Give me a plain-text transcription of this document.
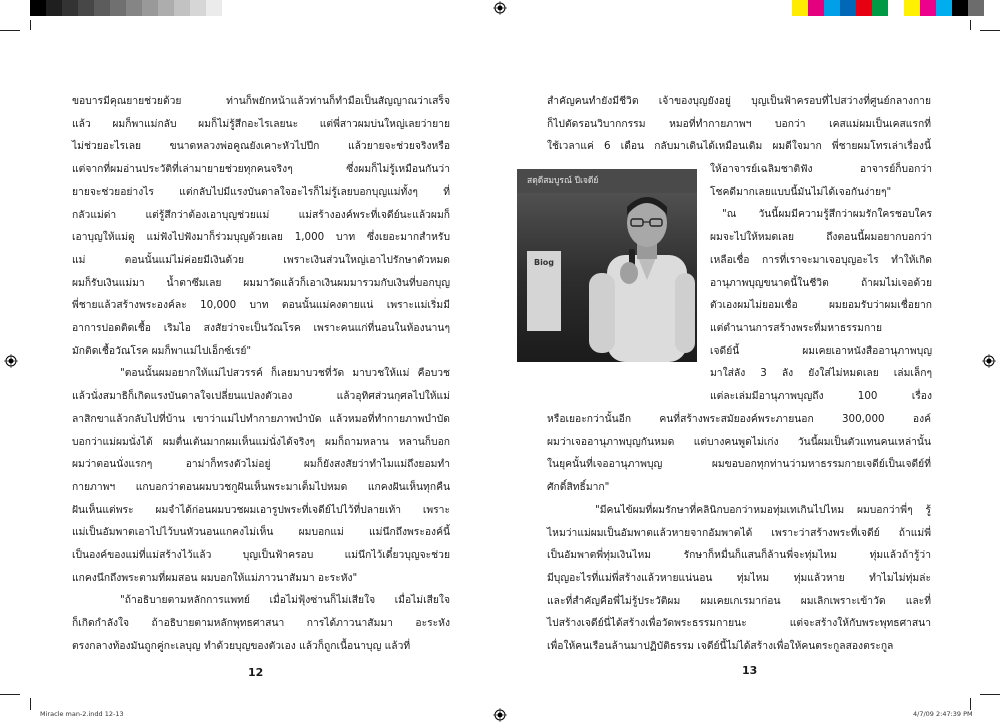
ขอบารมีคุณยายช่วยด้วย ท่านก็พยักหน้าแล้วท่านก็ทำมือเป็นสัญญาณว่าเสร็จ

แล้ว ผมก็พาแม่กลับ ผมก็ไม่รู้สึกอะไรเลยนะ แต่พี่สาวผมบ่นใหญ่เลยว่ายาย

ไม่ช่วยอะไรเลย ขนาดหลวงพ่อคูณยังเคาะหัวไปปึก แล้วยายจะช่วยจริงหรือ

แต่จากที่ผมอ่านประวัติที่เล่ามายายช่วยทุกคนจริงๆ ซึ่งผมก็ไม่รู้เหมือนกันว่า

ยายจะช่วยอย่างไร แต่กลับไปมีแรงบันดาลใจอะไรก็ไม่รู้เลยบอกบุญแม่ทั้งๆ ที่

กลัวแม่ด่า แต่รู้สึกว่าต้องเอาบุญช่วยแม่ แม่สร้างองค์พระที่เจดีย์นะแล้วผมก็

เอาบุญให้แม่ดู แม่ฟังไปฟังมาก็ร่วมบุญด้วยเลย 1,000 บาท ซึ่งเยอะมากสำหรับ

แม่ ตอนนั้นแม่ไม่ค่อยมีเงินด้วย เพราะเงินส่วนใหญ่เอาไปรักษาตัวหมด

ผมก็รับเงินแม่มา น้ำตาซึมเลย ผมมาวัดแล้วก็เอาเงินผมมารวมกับเงินที่บอกบุญ

พี่ชายแล้วสร้างพระองค์ละ 10,000 บาท ตอนนั้นแม่คงตายแน่ เพราะแม่เริ่มมี

อาการปอดติดเชื้อ เริมไอ สงสัยว่าจะเป็นวัณโรค เพราะคนแก่ที่นอนในห้องนานๆ

มักติดเชื้อวัณโรค ผมก็พาแม่ไปเอ็กซ์เรย์"

"ตอนนั้นผมอยากให้แม่ไปสวรรค์ ก็เลยมาบวชที่วัด มาบวชให้แม่ คือบวช

แล้วนั่งสมาธิก็เกิดแรงบันดาลใจเปลี่ยนแปลงตัวเอง แล้วอุทิศส่วนกุศลไปให้แม่

ลาสิกขาแล้วกลับไปที่บ้าน เขาว่าแม่ไปทำกายภาพบำบัด แล้วหมอที่ทำกายภาพบำบัด

บอกว่าแม่ผมนั่งได้ ผมตื่นเต้นมากผมเห็นแม่นั่งได้จริงๆ ผมก็ถามหลาน หลานก็บอก

ผมว่าตอนนั่งแรกๆ อาม่าก็ทรงตัวไม่อยู่ ผมก็ยังสงสัยว่าทำไมแม่ถึงยอมทำ

กายภาพฯ แกบอกว่าตอนผมบวชกูฝันเห็นพระมาเต็มไปหมด แกคงฝันเห็นทุกคืน

ฝันเห็นแต่พระ ผมจำได้ก่อนผมบวชผมเอารูปพระที่เจดีย์ไปไว้ที่ปลายเท้า เพราะ

แม่เป็นอัมพาตเอาไปไว้บนหัวนอนแกคงไม่เห็น ผมบอกแม่ แม่นึกถึงพระองค์นี้

เป็นองค์ของแม่ที่แม่สร้างไว้แล้ว บุญเป็นฟ้าครอบ แม่นึกไว้เดี๋ยวบุญจะช่วย

แกคงนึกถึงพระตามที่ผมสอน ผมบอกให้แม่ภาวนาสัมมา อะระหัง"

"ถ้าอธิบายตามหลักการแพทย์ เมื่อไม่ฟุ้งซ่านก็ไม่เสียใจ เมื่อไม่เสียใจ

ก็เกิดกำลังใจ ถ้าอธิบายตามหลักพุทธศาสนา การได้ภาวนาสัมมา อะระหัง

ตรงกลางท้องมันถูกคู่กะเลบุญ ทำด้วยบุญของตัวเอง แล้วก็ถูกเนื้อนาบุญ แล้วที่

สำคัญคนทำยังมีชีวิต เจ้าของบุญยังอยู่ บุญเป็นฟ้าครอบที่ไปสว่างที่ศูนย์กลางกาย

ก็ไปตัดรอนวิบากกรรม หมอที่ทำกายภาพฯ บอกว่า เคสแม่ผมเป็นเคสแรกที่

ใช้เวลาแค่ 6 เดือน กลับมาเดินได้เหมือนเดิม ผมดีใจมาก พี่ชายผมโทรเล่าเรื่องนี้

สดุดีสมบูรณ์ ปีเจดีย์
Biog

ให้อาจารย์เฉลิมชาติฟัง อาจารย์ก็บอกว่า

โชคดีมากเลยแบบนี้มันไม่ได้เจอกันง่ายๆ"

"ณ วันนี้ผมมีความรู้สึกว่าผมรักใครชอบใคร

ผมจะไปให้หมดเลย ถึงตอนนี้ผมอยากบอกว่า

เหลือเชื่อ การที่เราจะมาเจอบุญอะไร ทำให้เกิด

อานุภาพบุญขนาดนี้ในชีวิต ถ้าผมไม่เจอด้วย

ตัวเองผมไม่ยอมเชื่อ ผมยอมรับว่าผมเชื่อยาก

แต่ตำนานการสร้างพระที่มหาธรรมกาย

เจดีย์นี้ ผมเคยเอาหนังสืออานุภาพบุญ

มาใส่ลัง 3 ลัง ยังใส่ไม่หมดเลย เล่มเล็กๆ

แต่ละเล่มมีอานุภาพบุญถึง 100 เรื่อง

หรือเยอะกว่านั้นอีก คนที่สร้างพระสมัยองค์พระภายนอก 300,000 องค์

ผมว่าเจออานุภาพบุญกันหมด แต่บางคนพูดไม่เก่ง วันนี้ผมเป็นตัวแทนคนเหล่านั้น

ในยุคนั้นที่เจออานุภาพบุญ ผมขอบอกทุกท่านว่ามหาธรรมกายเจดีย์เป็นเจดีย์ที่

ศักดิ์สิทธิ์มาก"

"มีคนไข้ผมที่ผมรักษาที่คลินิกบอกว่าหมอทุ่มเทเกินไปไหม ผมบอกว่าพี่ๆ รู้

ไหมว่าแม่ผมเป็นอัมพาตแล้วหายจากอัมพาตได้ เพราะว่าสร้างพระที่เจดีย์ ถ้าแม่พี่

เป็นอัมพาตพี่ทุ่มเงินไหม รักษาก็หมื่นก็แสนก็ล้านพี่จะทุ่มไหม ทุ่มแล้วถ้ารู้ว่า

มีบุญอะไรที่แม่พี่สร้างแล้วหายแน่นอน ทุ่มไหม ทุ่มแล้วหาย ทำไมไม่ทุ่มล่ะ

และที่สำคัญคือพี่ไม่รู้ประวัติผม ผมเคยเกเรมาก่อน ผมเลิกเพราะเข้าวัด และที่

ไปสร้างเจดีย์นี่ได้สร้างเพื่อวัดพระธรรมกายนะ แต่จะสร้างให้กับพระพุทธศาสนา

เพื่อให้คนเรือนล้านมาปฏิบัติธรรม เจดีย์นี้ไม่ได้สร้างเพื่อให้คนตระกูลสองตระกูล

12	13
Miracle man-2.indd 12-13	4/7/09 2:47:39 PM
